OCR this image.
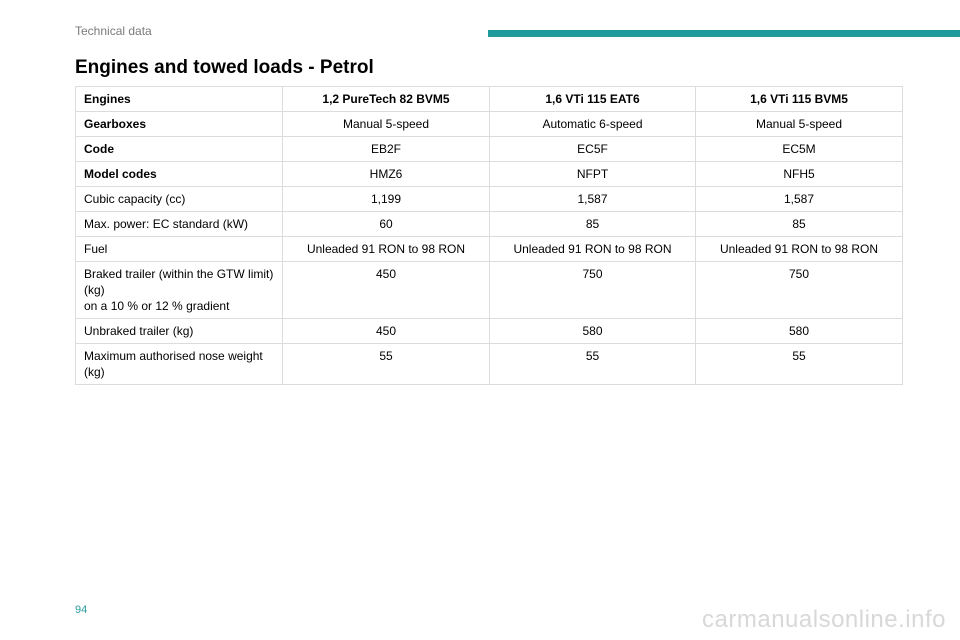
Technical data
Engines and towed loads - Petrol
Engines	1,2 PureTech 82 BVM5	1,6 VTi 115 EAT6	1,6 VTi 115 BVM5
Gearboxes	Manual 5-speed	Automatic 6-speed	Manual 5-speed
Code	EB2F	EC5F	EC5M
Model codes	HMZ6	NFPT	NFH5
Cubic capacity (cc)	1,199	1,587	1,587
Max. power: EC standard (kW)	60	85	85
Fuel	Unleaded 91 RON to 98 RON	Unleaded 91 RON to 98 RON	Unleaded 91 RON to 98 RON
Braked trailer (within the GTW limit) (kg)
on a 10 % or 12 % gradient	450	750	750
Unbraked trailer (kg)	450	580	580
Maximum authorised nose weight (kg)	55	55	55
94	carmanualsonline.info
